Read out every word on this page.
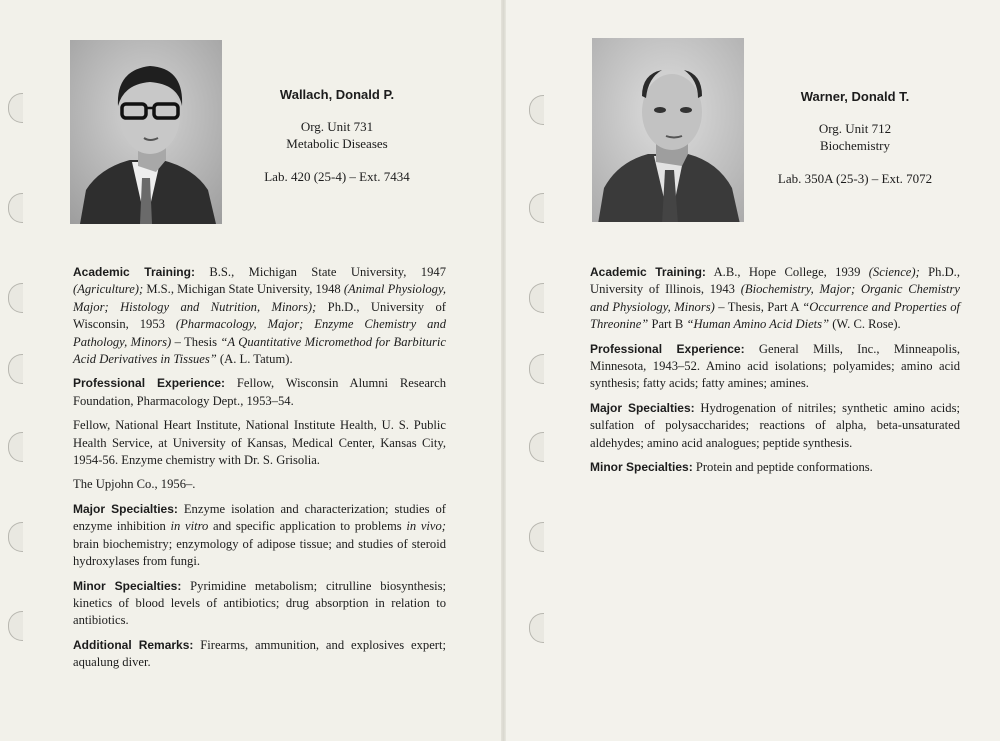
Wallach, Donald P.
Org. Unit 731
Metabolic Diseases
Lab. 420 (25-4) – Ext. 7434
Warner, Donald T.
Org. Unit 712
Biochemistry
Lab. 350A (25-3) – Ext. 7072

Academic Training: B.S., Michigan State University, 1947 (Agriculture); M.S., Michigan State University, 1948 (Animal Physiology, Major; Histology and Nutrition, Minors); Ph.D., University of Wisconsin, 1953 (Pharmacology, Major; Enzyme Chemistry and Pathology, Minors) – Thesis “A Quantitative Micromethod for Barbituric Acid Derivatives in Tissues” (A. L. Tatum).

Professional Experience: Fellow, Wisconsin Alumni Research Foundation, Pharmacology Dept., 1953–54.

Fellow, National Heart Institute, National Institute Health, U. S. Public Health Service, at University of Kansas, Medical Center, Kansas City, 1954-56. Enzyme chemistry with Dr. S. Grisolia.

The Upjohn Co., 1956–.

Major Specialties: Enzyme isolation and characterization; studies of enzyme inhibition in vitro and specific application to problems in vivo; brain biochemistry; enzymology of adipose tissue; and studies of steroid hydroxylases from fungi.

Minor Specialties: Pyrimidine metabolism; citrulline biosynthesis; kinetics of blood levels of antibiotics; drug absorption in relation to antibiotics.

Additional Remarks: Firearms, ammunition, and explosives expert; aqualung diver.

Academic Training: A.B., Hope College, 1939 (Science); Ph.D., University of Illinois, 1943 (Biochemistry, Major; Organic Chemistry and Physiology, Minors) – Thesis, Part A “Occurrence and Properties of Threonine” Part B “Human Amino Acid Diets” (W. C. Rose).

Professional Experience: General Mills, Inc., Minneapolis, Minnesota, 1943–52. Amino acid isolations; polyamides; amino acid synthesis; fatty acids; fatty amines; amines.

Major Specialties: Hydrogenation of nitriles; synthetic amino acids; sulfation of polysaccharides; reactions of alpha, beta-unsaturated aldehydes; amino acid analogues; peptide synthesis.

Minor Specialties: Protein and peptide conformations.
